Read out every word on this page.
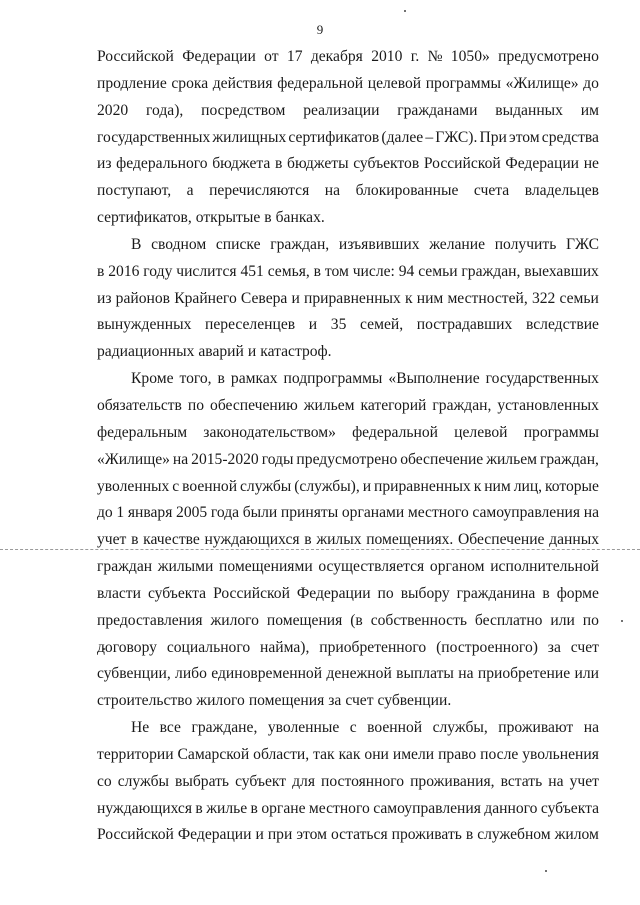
9
Российской Федерации от 17 декабря 2010 г. № 1050» предусмотрено
продление срока действия федеральной целевой программы «Жилище» до
2020 года), посредством реализации гражданами выданных им
государственных жилищных сертификатов (далее – ГЖС). При этом средства
из федерального бюджета в бюджеты субъектов Российской Федерации не
поступают, а перечисляются на блокированные счета владельцев
сертификатов, открытые в банках.
В сводном списке граждан, изъявивших желание получить ГЖС
в 2016 году числится 451 семья, в том числе: 94 семьи граждан, выехавших
из районов Крайнего Севера и приравненных к ним местностей, 322 семьи
вынужденных переселенцев и 35 семей, пострадавших вследствие
радиационных аварий и катастроф.
Кроме того, в рамках подпрограммы «Выполнение государственных
обязательств по обеспечению жильем категорий граждан, установленных
федеральным законодательством» федеральной целевой программы
«Жилище» на 2015-2020 годы предусмотрено обеспечение жильем граждан,
уволенных с военной службы (службы), и приравненных к ним лиц, которые
до 1 января 2005 года были приняты органами местного самоуправления на
учет в качестве нуждающихся в жилых помещениях. Обеспечение данных
граждан жилыми помещениями осуществляется органом исполнительной
власти субъекта Российской Федерации по выбору гражданина в форме
предоставления жилого помещения (в собственность бесплатно или по
договору социального найма), приобретенного (построенного) за счет
субвенции, либо единовременной денежной выплаты на приобретение или
строительство жилого помещения за счет субвенции.
Не все граждане, уволенные с военной службы, проживают на
территории Самарской области, так как они имели право после увольнения
со службы выбрать субъект для постоянного проживания, встать на учет
нуждающихся в жилье в органе местного самоуправления данного субъекта
Российской Федерации и при этом остаться проживать в служебном жилом
